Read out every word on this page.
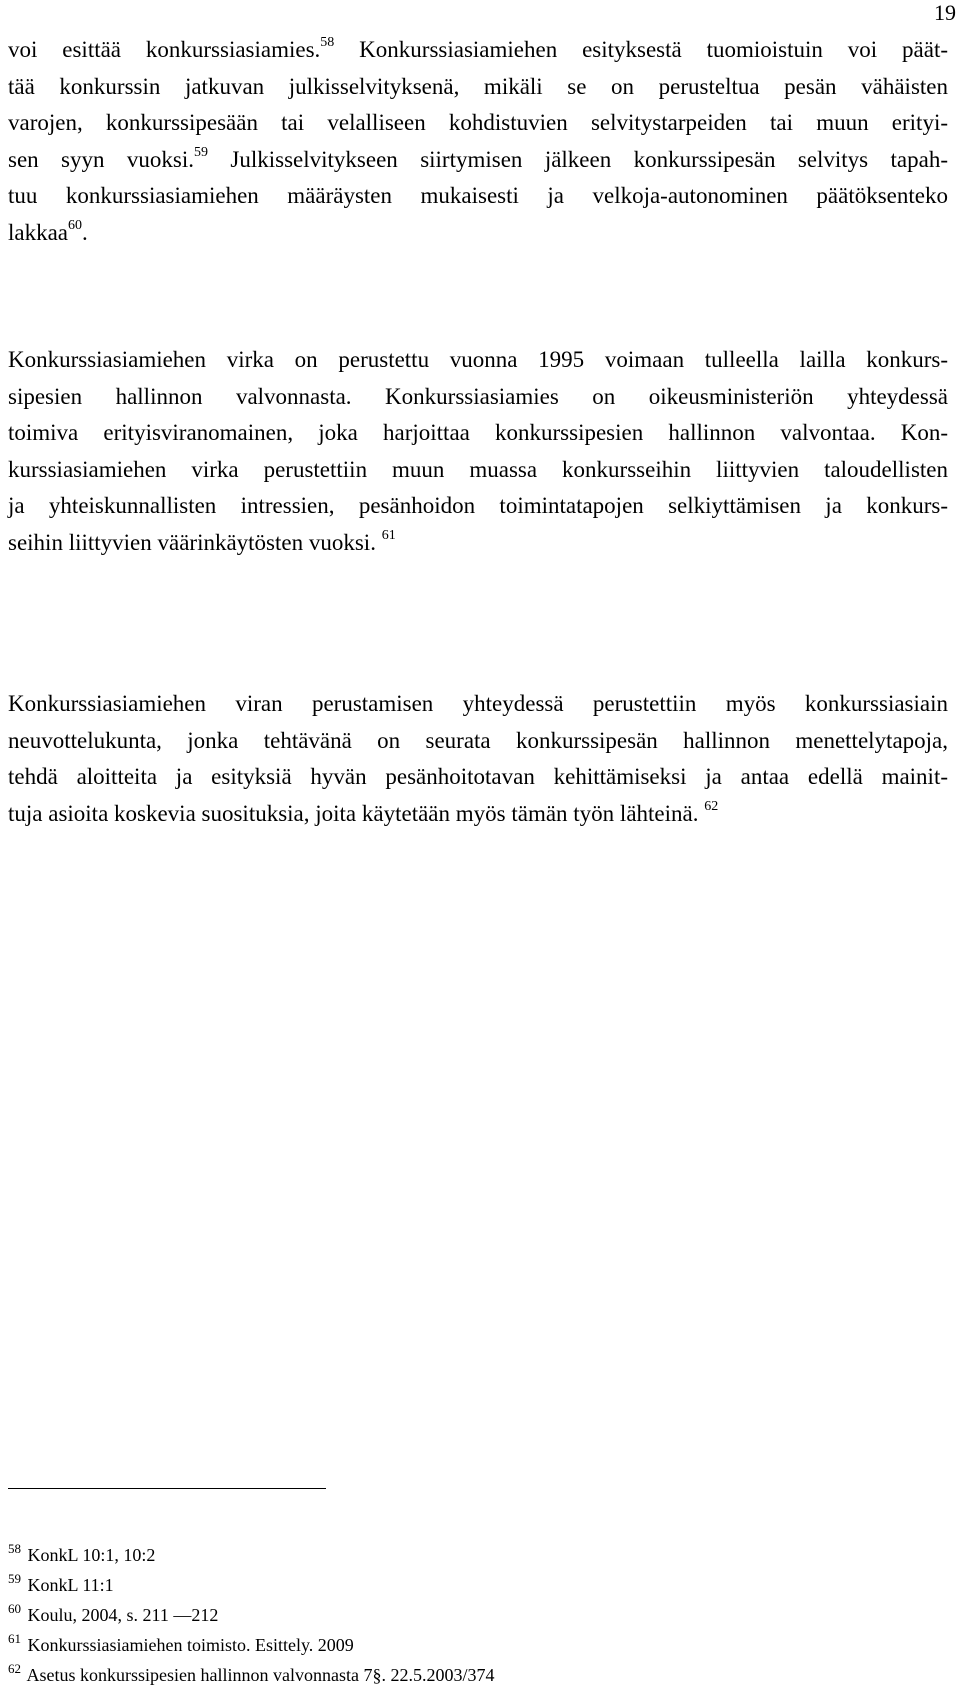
19
voi esittää konkurssiasiamies.$^{58}$ Konkurssiasiamiehen esityksestä tuomioistuin voi päät-
tää konkurssin jatkuvan julkisselvityksenä, mikäli se on perusteltua pesän vähäisten
varojen, konkurssipesään tai velalliseen kohdistuvien selvitystarpeiden tai muun erityi-
sen syyn vuoksi.$^{59}$ Julkisselvitykseen siirtymisen jälkeen konkurssipesän selvitys tapah-
tuu konkurssiasiamiehen määräysten mukaisesti ja velkoja-autonominen päätöksenteko
lakkaa$^{60}$.
Konkurssiasiamiehen virka on perustettu vuonna 1995 voimaan tulleella lailla konkurs-
sipesien hallinnon valvonnasta. Konkurssiasiamies on oikeusministeriön yhteydessä
toimiva erityisviranomainen, joka harjoittaa konkurssipesien hallinnon valvontaa. Kon-
kurssiasiamiehen virka perustettiin muun muassa konkursseihin liittyvien taloudellisten
ja yhteiskunnallisten intressien, pesänhoidon toimintatapojen selkiyttämisen ja konkurs-
seihin liittyvien väärinkäytösten vuoksi. $^{61}$
Konkurssiasiamiehen viran perustamisen yhteydessä perustettiin myös konkurssiasiain
neuvottelukunta, jonka tehtävänä on seurata konkurssipesän hallinnon menettelytapoja,
tehdä aloitteita ja esityksiä hyvän pesänhoitotavan kehittämiseksi ja antaa edellä mainit-
tuja asioita koskevia suosituksia, joita käytetään myös tämän työn lähteinä. $^{62}$
$^{58}$ KonkL 10:1, 10:2
$^{59}$ KonkL 11:1
$^{60}$ Koulu, 2004, s. 211 —212
$^{61}$ Konkurssiasiamiehen toimisto. Esittely. 2009
$^{62}$ Asetus konkurssipesien hallinnon valvonnasta 7§. 22.5.2003/374
